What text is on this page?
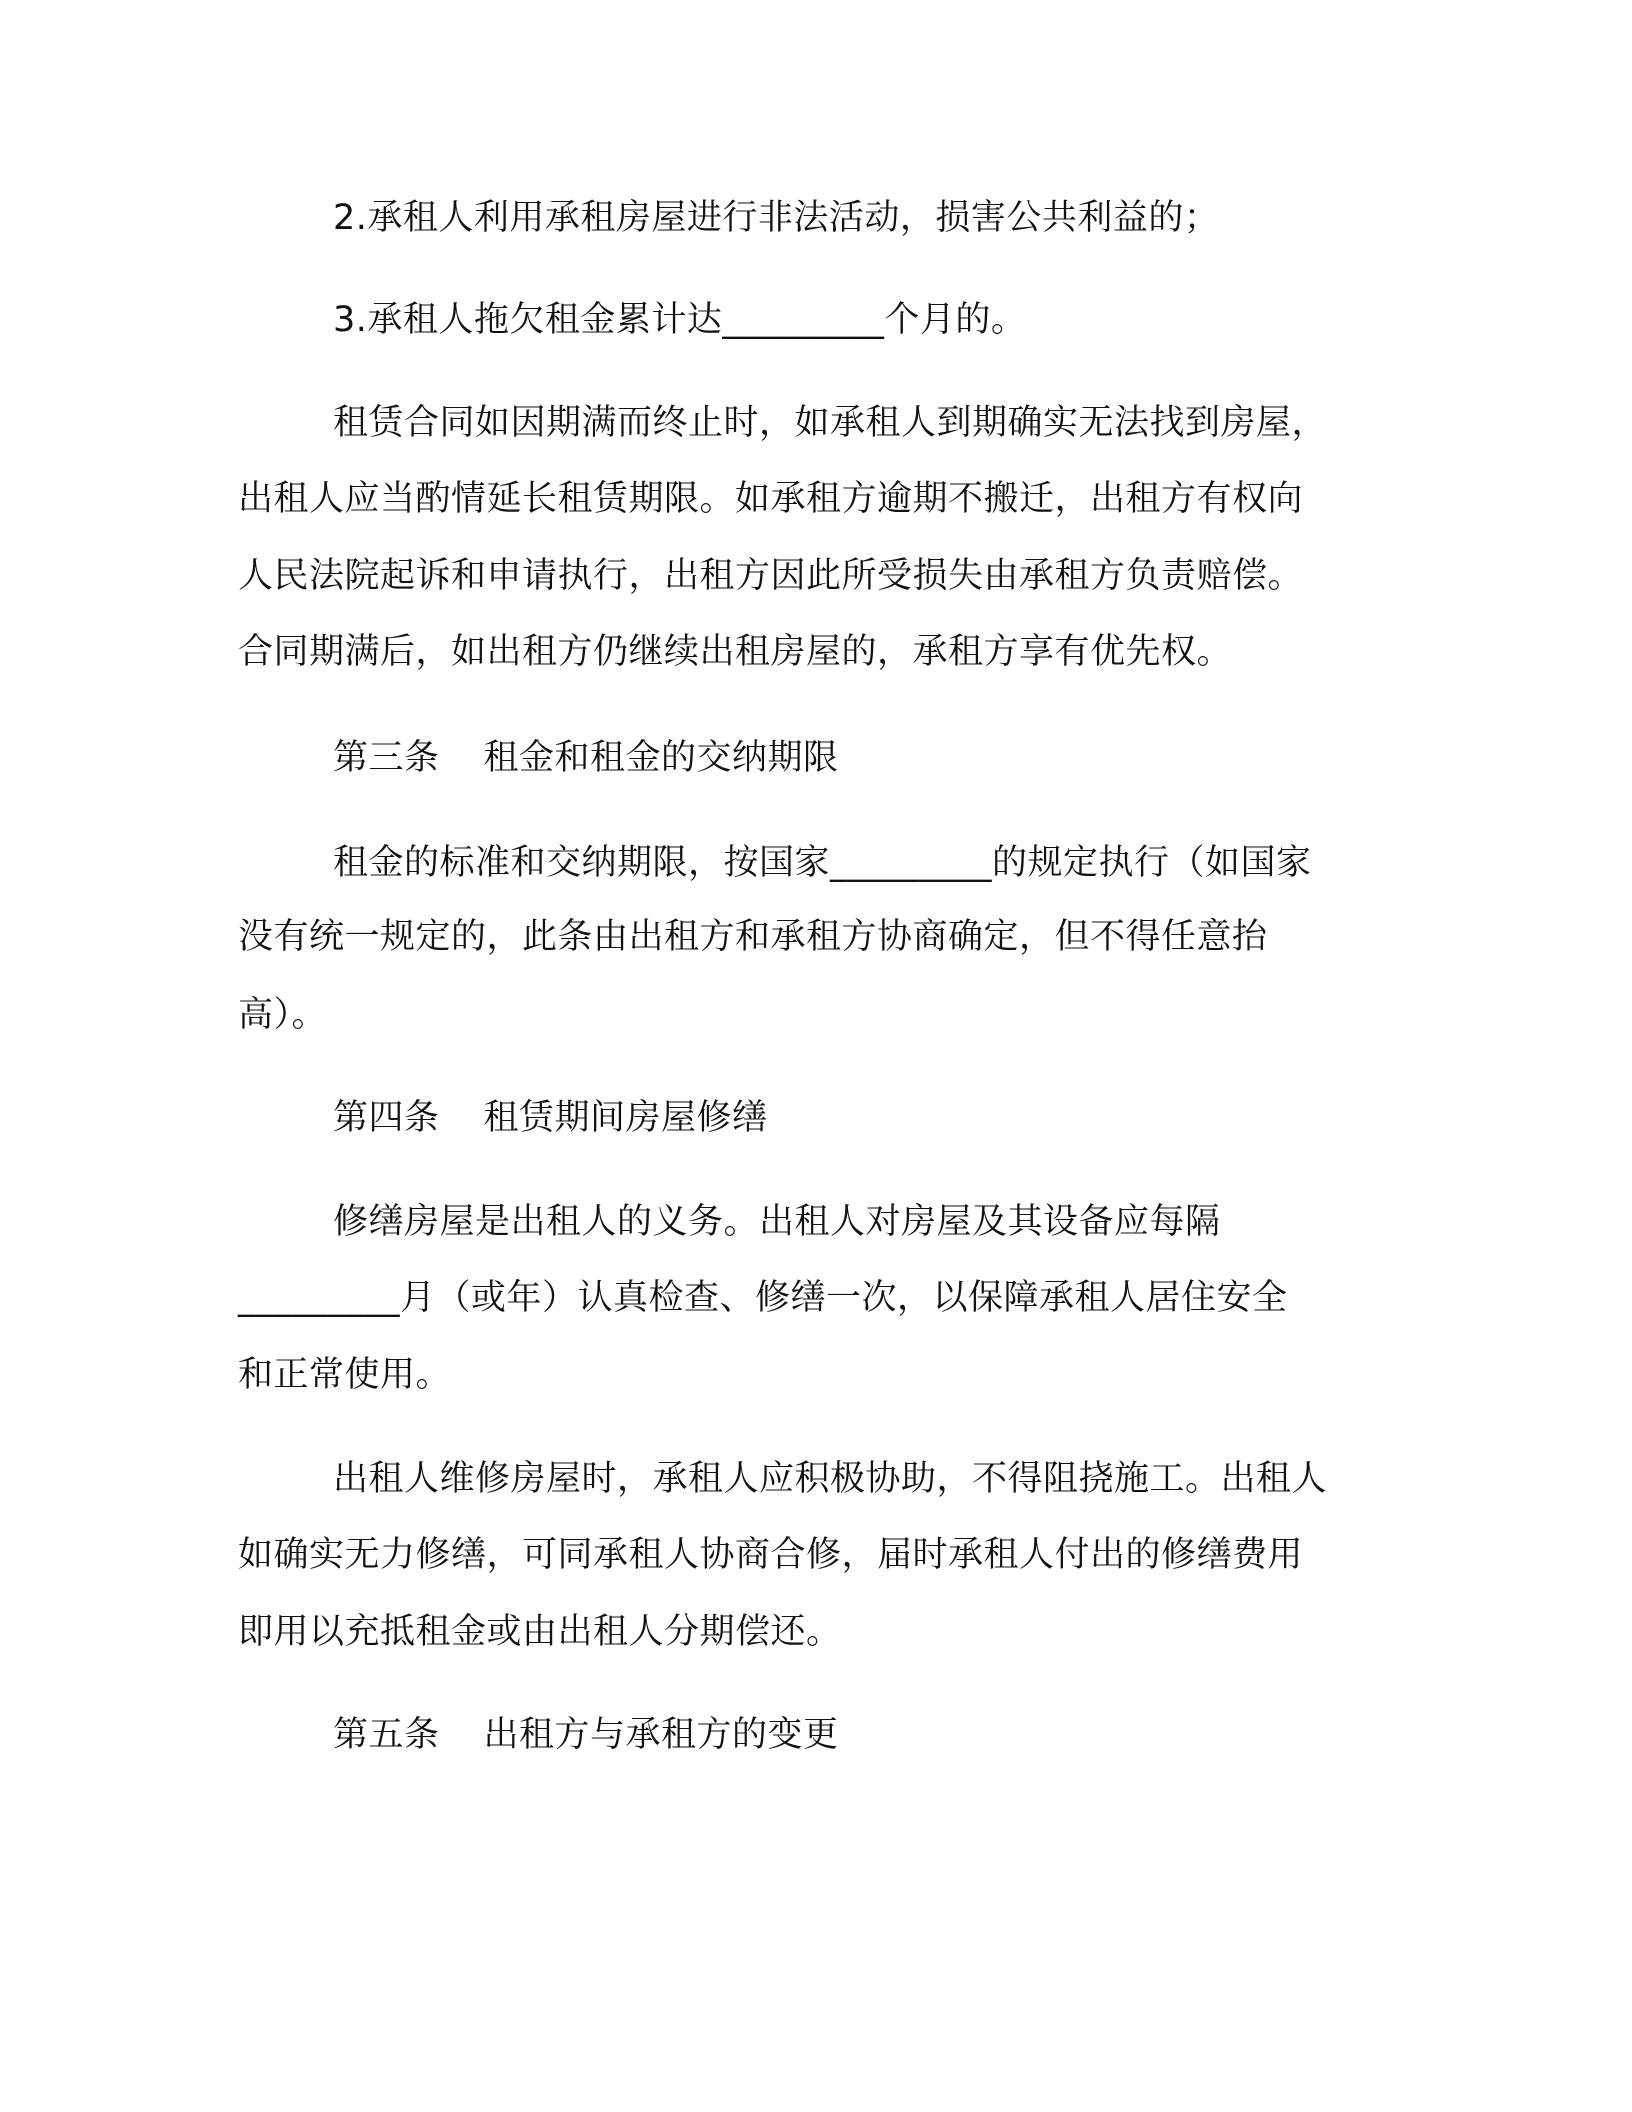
2.承租人利用承租房屋进行非法活动，损害公共利益的；
3.承租人拖欠租金累计达_________个月的。
租赁合同如因期满而终止时，如承租人到期确实无法找到房屋，
出租人应当酌情延长租赁期限。如承租方逾期不搬迁，出租方有权向
人民法院起诉和申请执行，出租方因此所受损失由承租方负责赔偿。
合同期满后，如出租方仍继续出租房屋的，承租方享有优先权。
第三条 租金和租金的交纳期限
租金的标准和交纳期限，按国家_________的规定执行（如国家
没有统一规定的，此条由出租方和承租方协商确定，但不得任意抬
高）。
第四条 租赁期间房屋修缮
修缮房屋是出租人的义务。出租人对房屋及其设备应每隔
_________月（或年）认真检查、修缮一次，以保障承租人居住安全
和正常使用。
出租人维修房屋时，承租人应积极协助，不得阻挠施工。出租人
如确实无力修缮，可同承租人协商合修，届时承租人付出的修缮费用
即用以充抵租金或由出租人分期偿还。
第五条 出租方与承租方的变更
